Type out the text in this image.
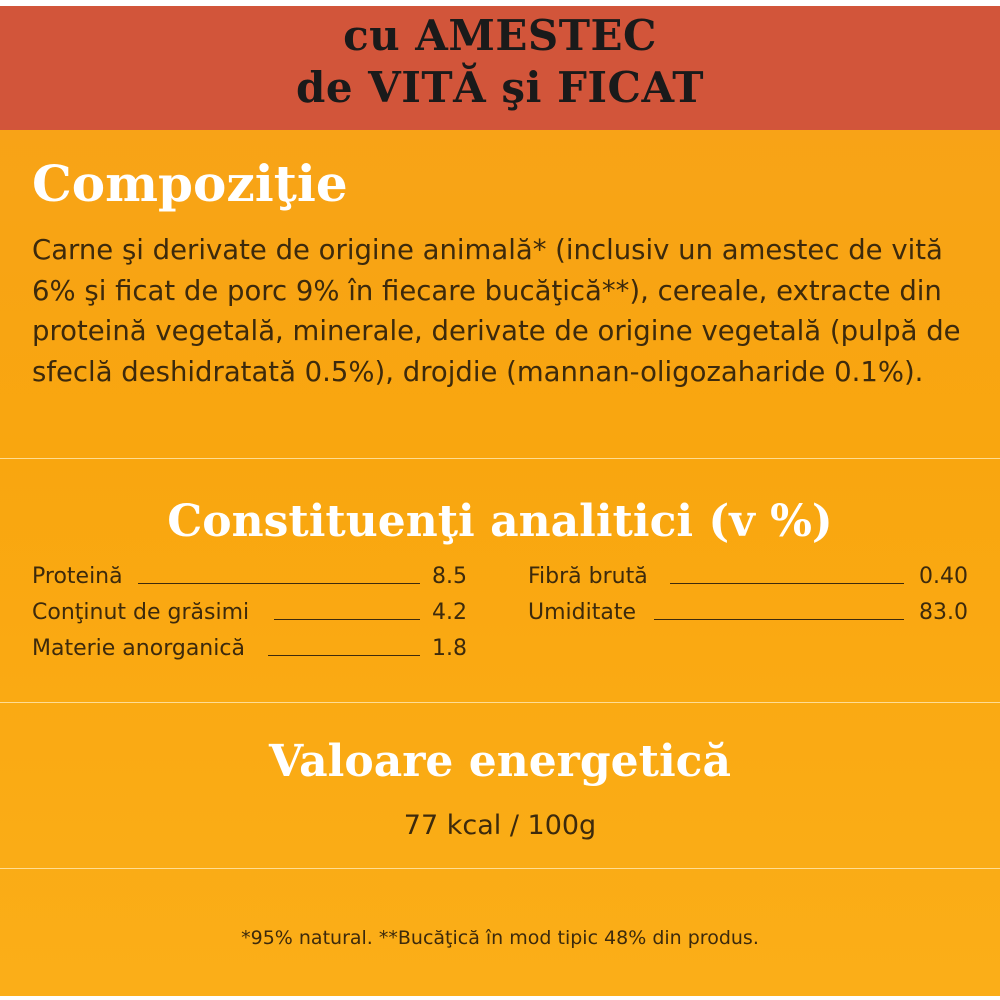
cu AMESTEC
de VITĂ şi FICAT
Compoziţie
Carne şi derivate de origine animală* (inclusiv un amestec de vită 6% şi ficat de porc 9% în fiecare bucăţică**), cereale, extracte din proteină vegetală, minerale, derivate de origine vegetală (pulpă de sfeclă deshidratată 0.5%), drojdie (mannan-oligozaharide 0.1%).
Constituenţi analitici (v %)
Proteină	8.5
Conţinut de grăsimi	4.2
Materie anorganică	1.8
Fibră brută	0.40
Umiditate	83.0
Valoare energetică
77 kcal / 100g
*95% natural. **Bucăţică în mod tipic 48% din produs.
